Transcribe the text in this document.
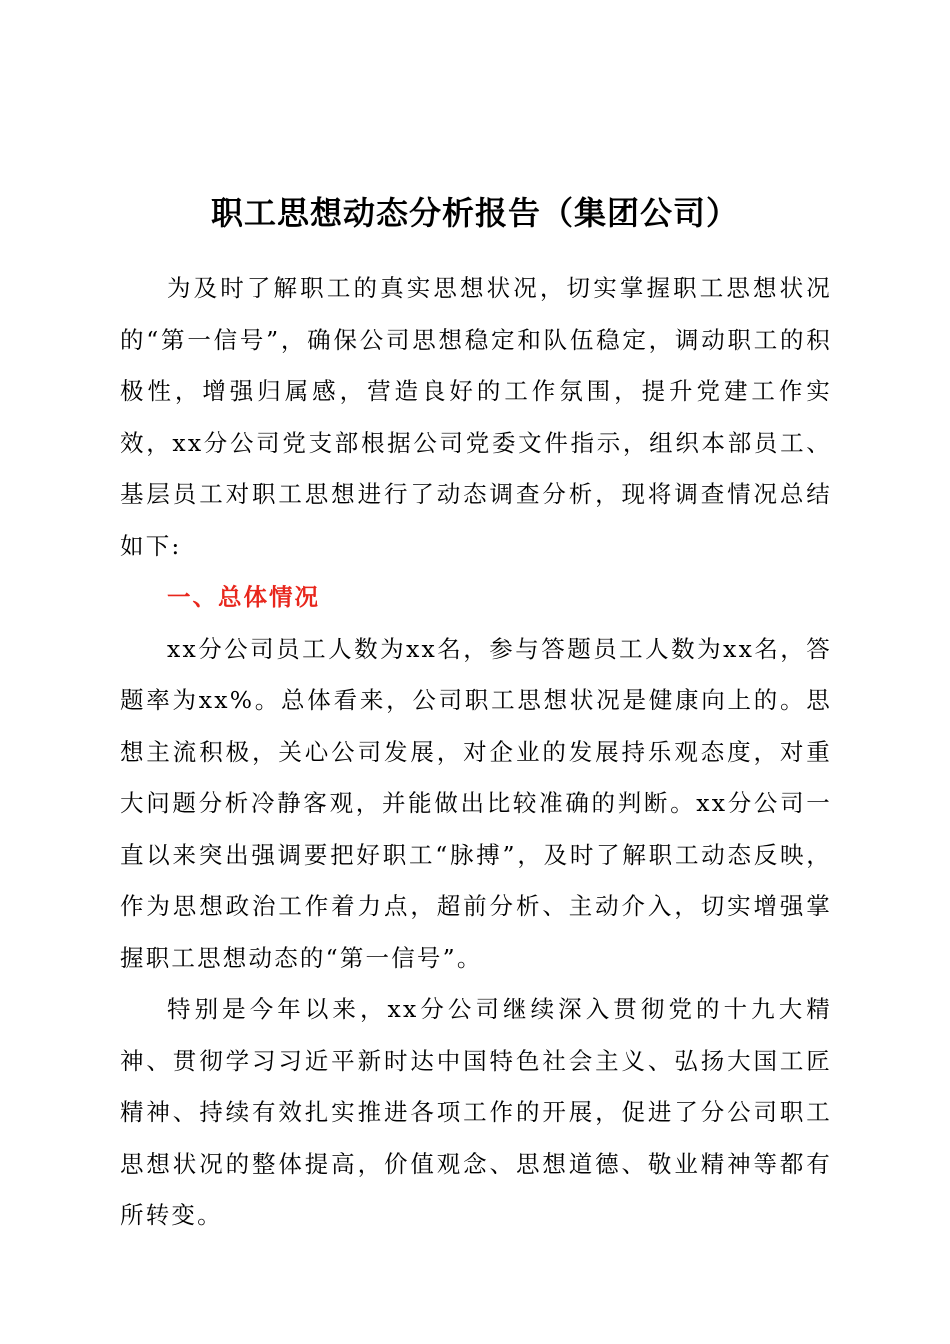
职工思想动态分析报告（集团公司）

为及时了解职工的真实思想状况，切实掌握职工思想状况的“第一信号”，确保公司思想稳定和队伍稳定，调动职工的积极性，增强归属感，营造良好的工作氛围，提升党建工作实效，xx分公司党支部根据公司党委文件指示，组织本部员工、基层员工对职工思想进行了动态调查分析，现将调查情况总结如下:

一、总体情况

xx分公司员工人数为xx名，参与答题员工人数为xx名，答题率为xx%。总体看来，公司职工思想状况是健康向上的。思想主流积极，关心公司发展，对企业的发展持乐观态度，对重大问题分析冷静客观，并能做出比较准确的判断。xx分公司一直以来突出强调要把好职工“脉搏”，及时了解职工动态反映，作为思想政治工作着力点，超前分析、主动介入，切实增强掌握职工思想动态的“第一信号”。

特别是今年以来，xx分公司继续深入贯彻党的十九大精神、贯彻学习习近平新时达中国特色社会主义、弘扬大国工匠精神、持续有效扎实推进各项工作的开展，促进了分公司职工思想状况的整体提高，价值观念、思想道德、敬业精神等都有所转变。
